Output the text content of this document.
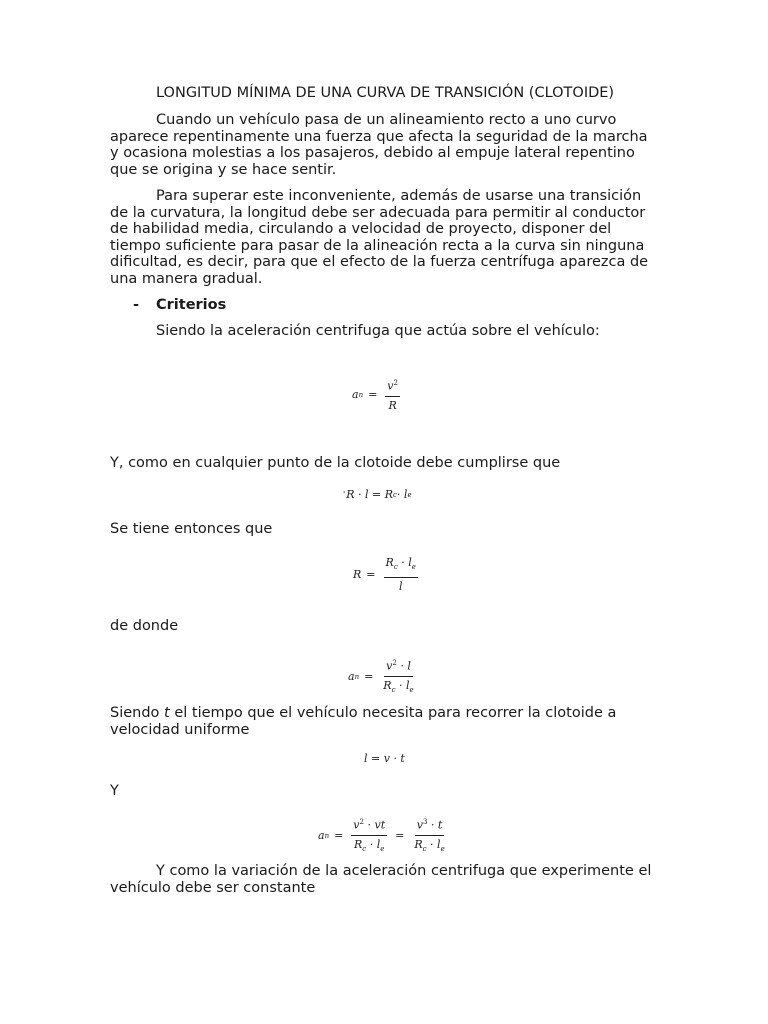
LONGITUD MÍNIMA DE UNA CURVA DE TRANSICIÓN (CLOTOIDE)

Cuando un vehículo pasa de un alineamiento recto a uno curvo aparece repentinamente una fuerza que afecta la seguridad de la marcha y ocasiona molestias a los pasajeros, debido al empuje lateral repentino que se origina y se hace sentir.

Para superar este inconveniente, además de usarse una transición de la curvatura, la longitud debe ser adecuada para permitir al conductor de habilidad media, circulando a velocidad de proyecto, disponer del tiempo suficiente para pasar de la alineación recta a la curva sin ninguna dificultad, es decir, para que el efecto de la fuerza centrífuga aparezca de una manera gradual.

- Criterios

Siendo la aceleración centrifuga que actúa sobre el vehículo:

a $n = \frac{v^2}{R}$

Y, como en cualquier punto de la clotoide debe cumplirse que

' R · l = R c · l e

Se tiene entonces que

$R = \frac{R_c \cdot l_e}{l}$

de donde

a $n = \frac{v^2 \cdot l}{R_c \cdot l_e}$

Siendo t el tiempo que el vehículo necesita para recorrer la clotoide a velocidad uniforme

l = v · t

Y

a $n = \frac{v^2 \cdot vt}{R_c \cdot l_e} = \frac{v^3 \cdot t}{R_c \cdot l_e}$

Y como la variación de la aceleración centrifuga que experimente el vehículo debe ser constante
